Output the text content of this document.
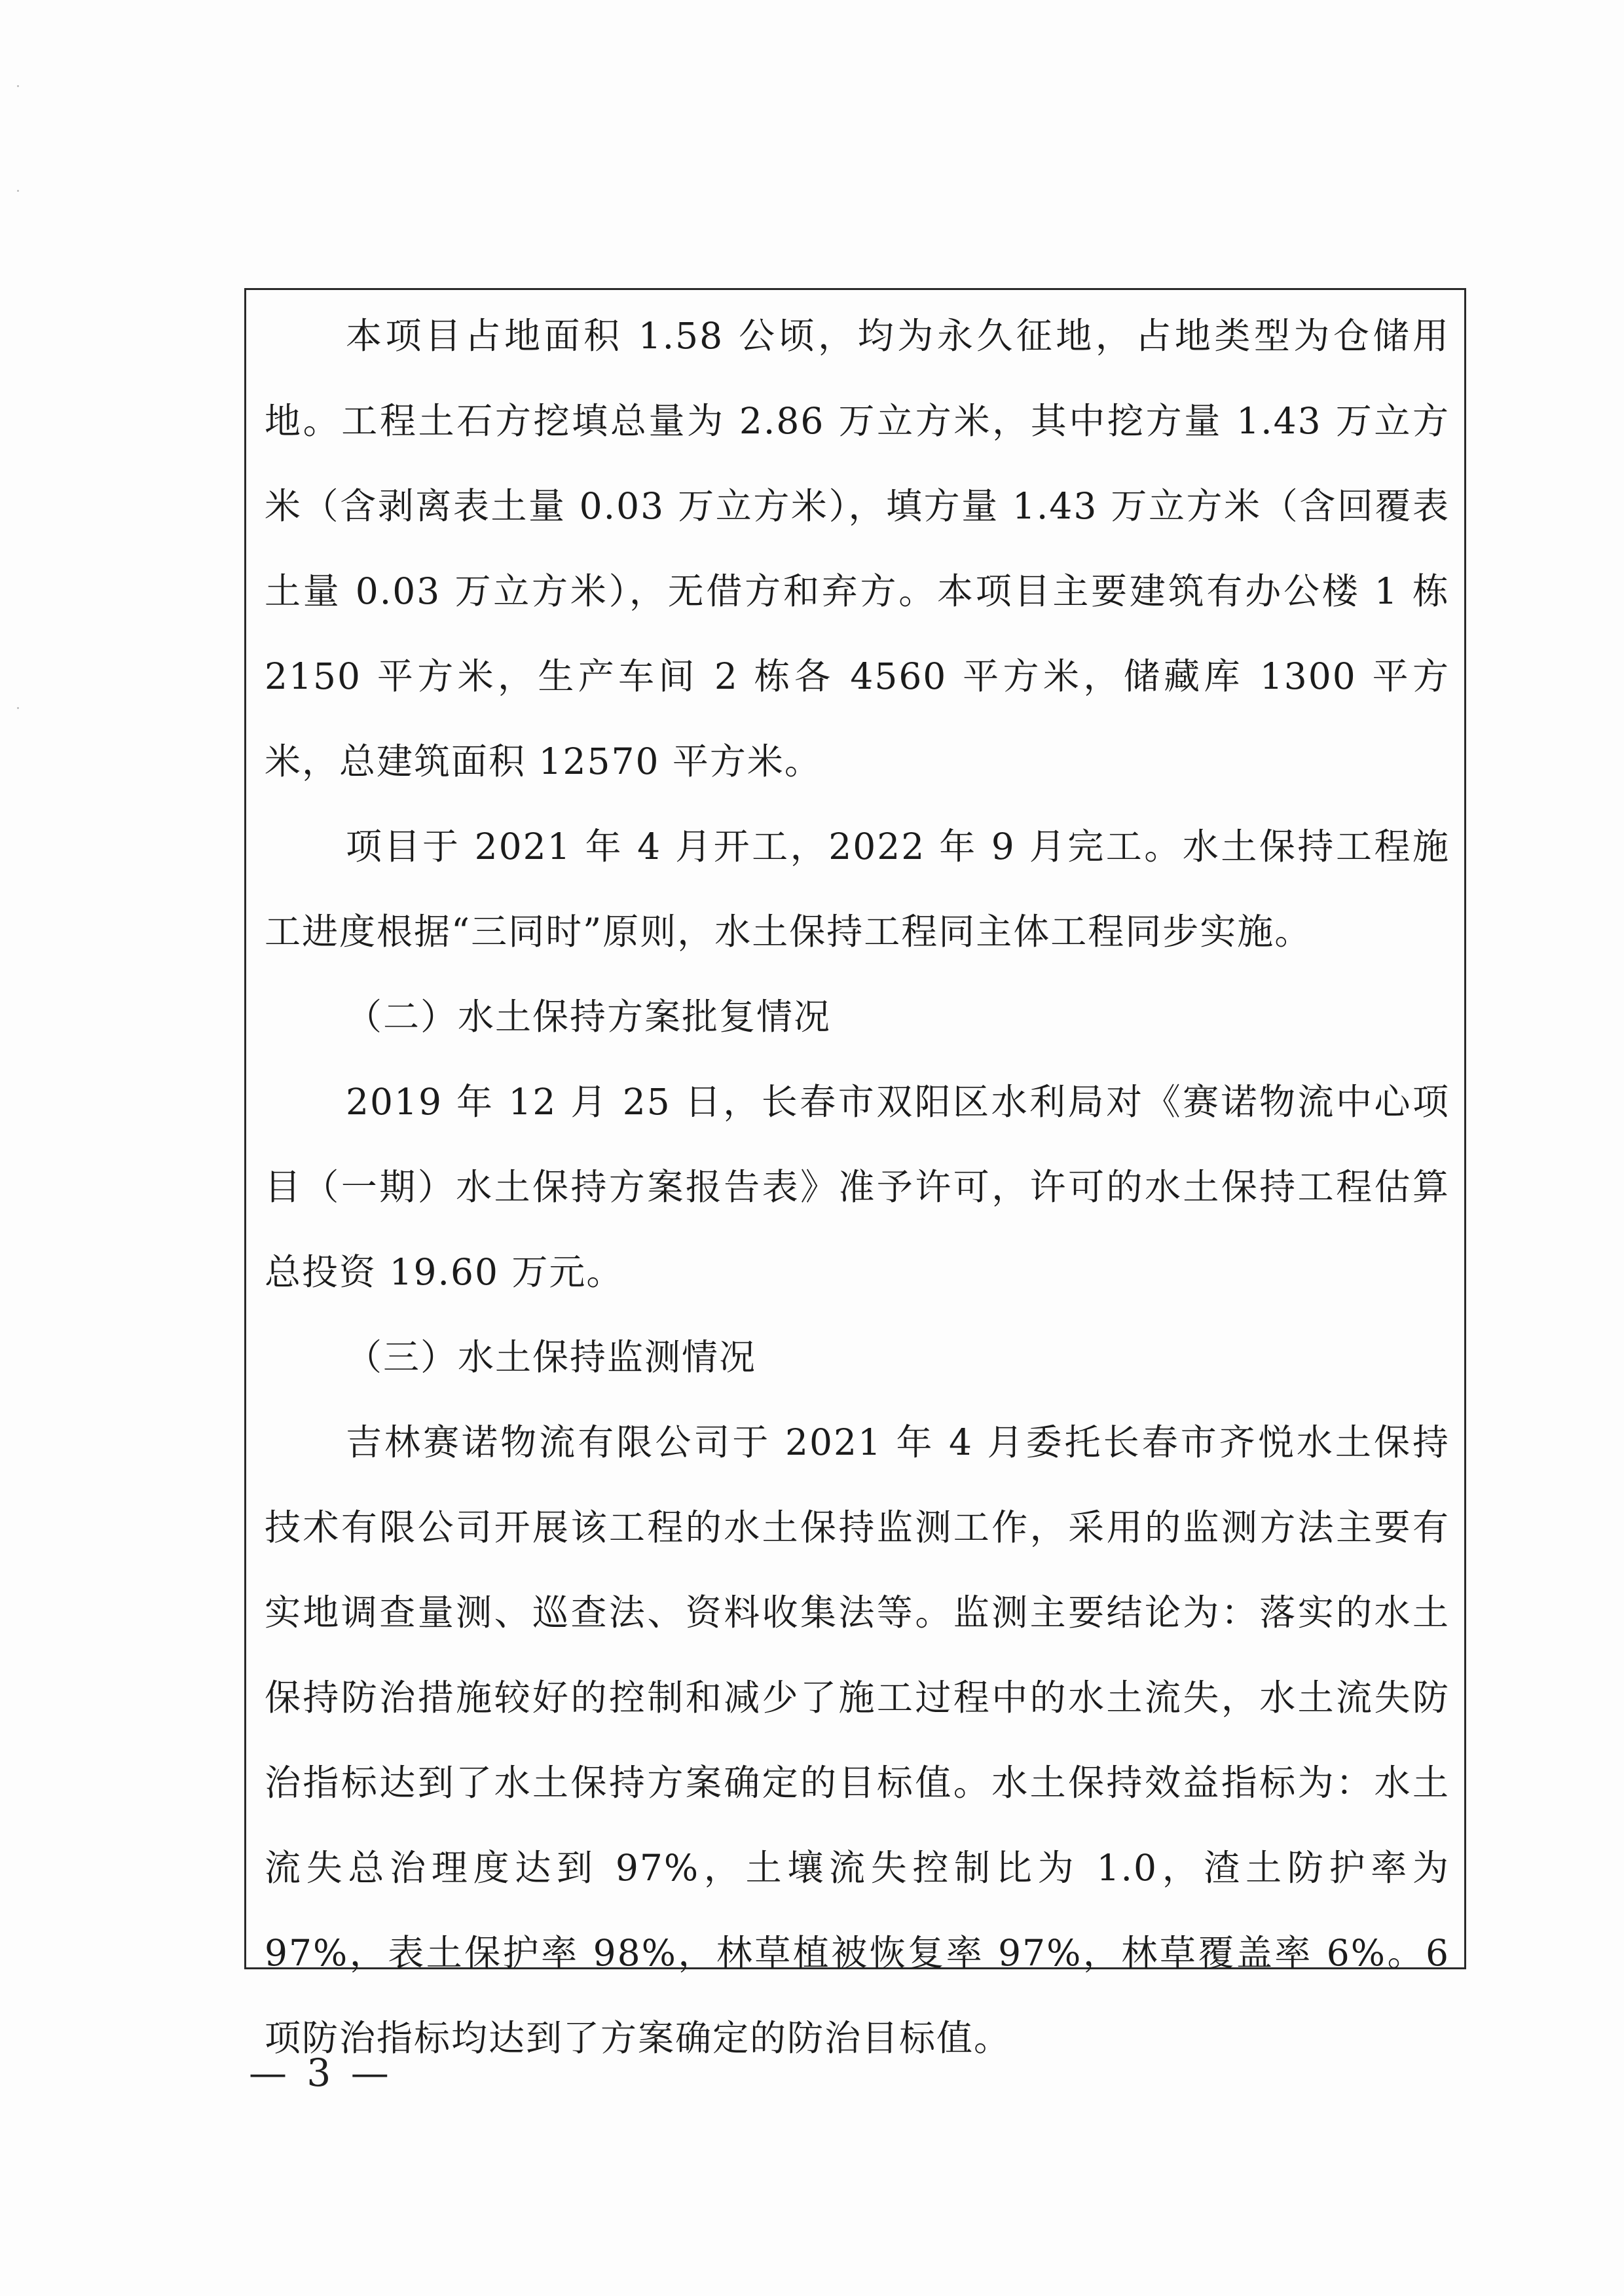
本项目占地面积 1.58 公顷，均为永久征地，占地类型为仓储用地。工程土石方挖填总量为 2.86 万立方米，其中挖方量 1.43 万立方米（含剥离表土量 0.03 万立方米），填方量 1.43 万立方米（含回覆表土量 0.03 万立方米），无借方和弃方。本项目主要建筑有办公楼 1 栋 2150 平方米，生产车间 2 栋各 4560 平方米，储藏库 1300 平方米，总建筑面积 12570 平方米。

项目于 2021 年 4 月开工，2022 年 9 月完工。水土保持工程施工进度根据“三同时”原则，水土保持工程同主体工程同步实施。

（二）水土保持方案批复情况

2019 年 12 月 25 日，长春市双阳区水利局对《赛诺物流中心项目（一期）水土保持方案报告表》准予许可，许可的水土保持工程估算总投资 19.60 万元。

（三）水土保持监测情况

吉林赛诺物流有限公司于 2021 年 4 月委托长春市齐悦水土保持技术有限公司开展该工程的水土保持监测工作，采用的监测方法主要有实地调查量测、巡查法、资料收集法等。监测主要结论为：落实的水土保持防治措施较好的控制和减少了施工过程中的水土流失，水土流失防治指标达到了水土保持方案确定的目标值。水土保持效益指标为：水土流失总治理度达到 97%，土壤流失控制比为 1.0，渣土防护率为 97%，表土保护率 98%，林草植被恢复率 97%，林草覆盖率 6%。6 项防治指标均达到了方案确定的防治目标值。

— 3 —
